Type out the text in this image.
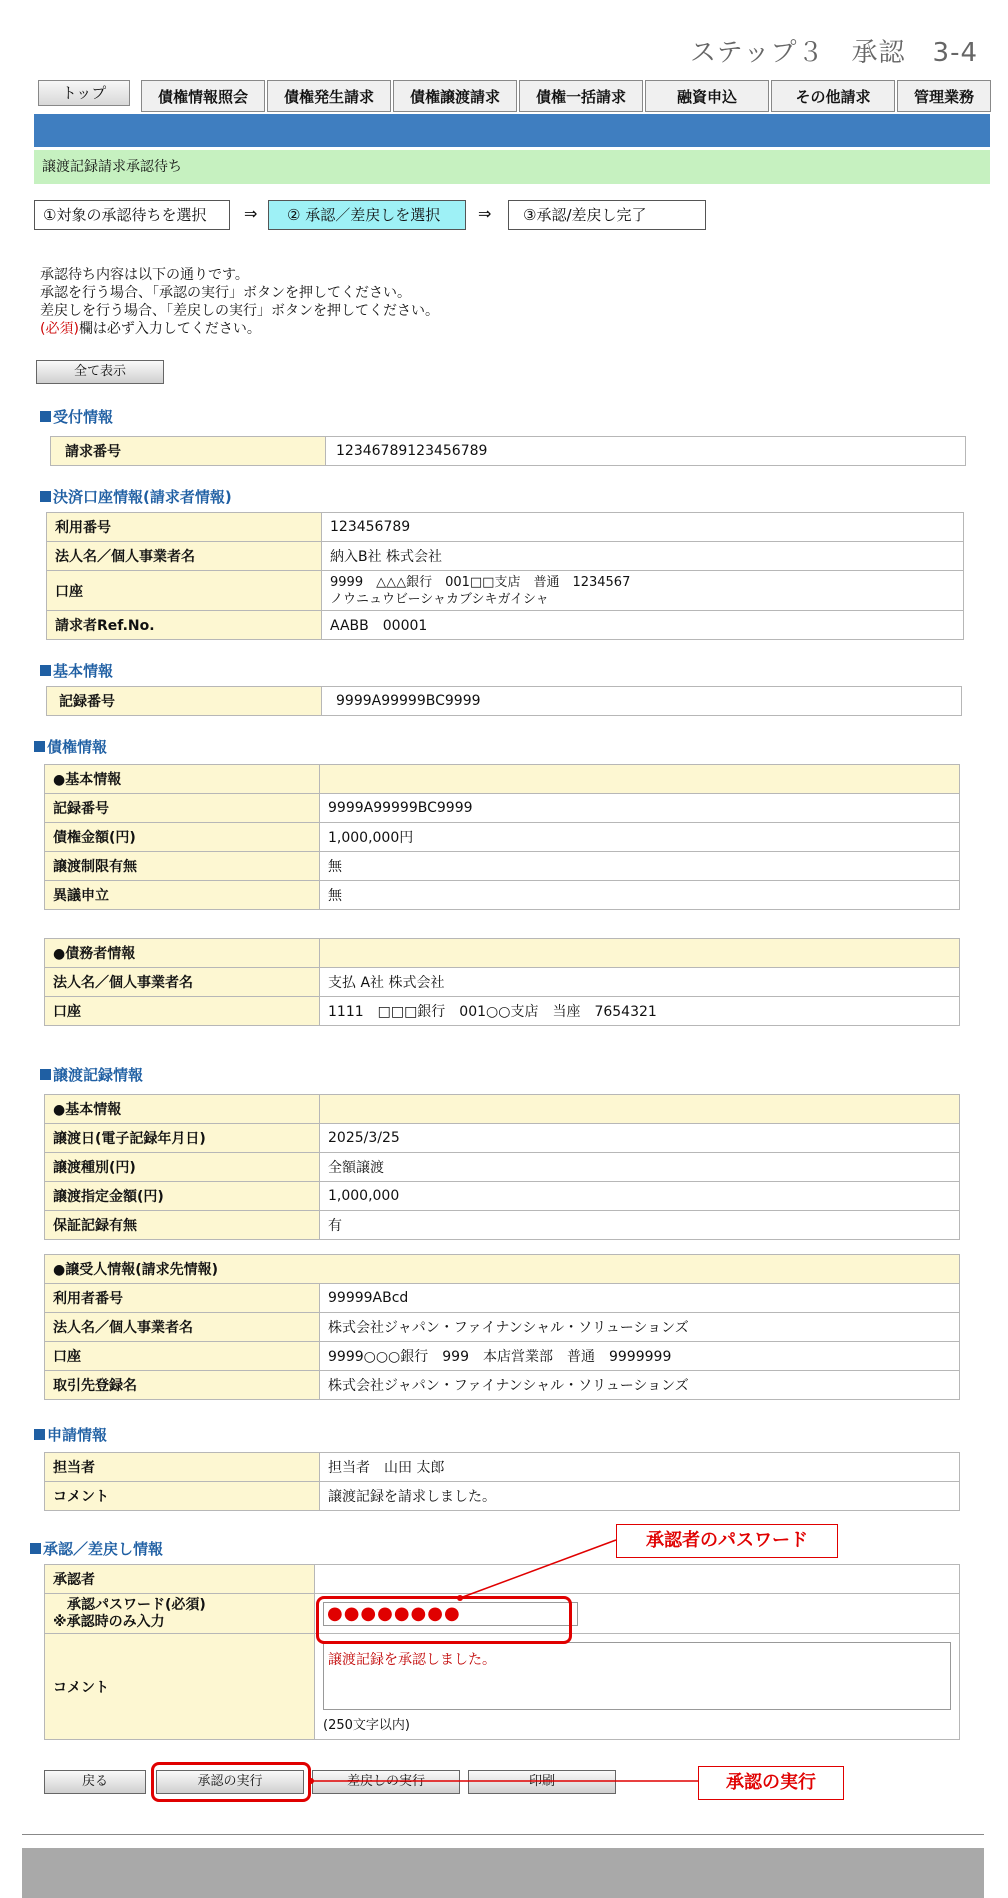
ステップ３　承認　3-4
トップ	債権情報照会	債権発生請求	債権譲渡請求	債権一括請求	融資申込	その他請求	管理業務
譲渡記録請求承認待ち
①対象の承認待ちを選択	⇒	② 承認／差戻しを選択	⇒	③承認/差戻し完了
承認待ち内容は以下の通りです。
承認を行う場合、「承認の実行」ボタンを押してください。
差戻しを行う場合、「差戻しの実行」ボタンを押してください。
(必須)欄は必ず入力してください。
全て表示
受付情報
請求番号	12346789123456789
決済口座情報(請求者情報)
利用番号	123456789
法人名／個人事業者名	納入B社 株式会社
口座	9999　△△△銀行　001□□支店　普通　1234567
ノウニュウビーシャカブシキガイシャ

請求者Ref.No.	AABB　00001
基本情報
記録番号	9999A99999BC9999
債権情報
●基本情報	
記録番号	9999A99999BC9999
債権金額(円)	1,000,000円
譲渡制限有無	無
異議申立	無
●債務者情報	
法人名／個人事業者名	支払 A社 株式会社
口座	1111　□□□銀行　001○○支店　当座　7654321
譲渡記録情報
●基本情報	
譲渡日(電子記録年月日)	2025/3/25
譲渡種別(円)	全額譲渡
譲渡指定金額(円)	1,000,000
保証記録有無	有
●譲受人情報(請求先情報)	
利用者番号	99999ABcd
法人名／個人事業者名	株式会社ジャパン・ファイナンシャル・ソリューションズ
口座	9999○○○銀行　999　本店営業部　普通　9999999
取引先登録名	株式会社ジャパン・ファイナンシャル・ソリューションズ
申請情報
担当者	担当者　山田 太郎
コメント	譲渡記録を請求しました。
承認／差戻し情報
承認者	

承認パスワード(必須)
※承認時のみ入力	●●●●●●●●

コメント	譲渡記録を承認しました。
(250文字以内)
戻る	承認の実行	差戻しの実行	印刷
承認者のパスワード
承認の実行
